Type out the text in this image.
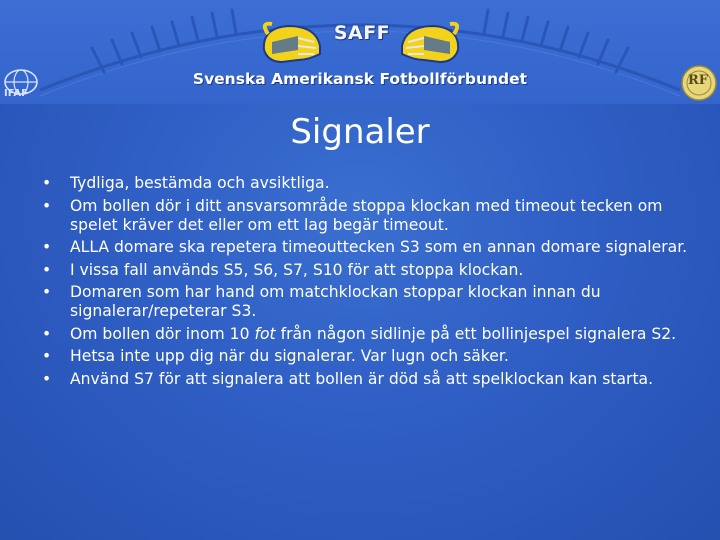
SAFF
Svenska Amerikansk Fotbollförbundet
IFAF
RF
Signaler
• Tydliga, bestämda och avsiktliga.
• Om bollen dör i ditt ansvarsområde stoppa klockan med timeout tecken om spelet kräver det eller om ett lag begär timeout.
• ALLA domare ska repetera timeouttecken S3 som en annan domare signalerar.
• I vissa fall används S5, S6, S7, S10 för att stoppa klockan.
• Domaren som har hand om matchklockan stoppar klockan innan du signalerar/repeterar S3.
• Om bollen dör inom 10 fot från någon sidlinje på ett bollinjespel signalera S2.
• Hetsa inte upp dig när du signalerar. Var lugn och säker.
• Använd S7 för att signalera att bollen är död så att spelklockan kan starta.
